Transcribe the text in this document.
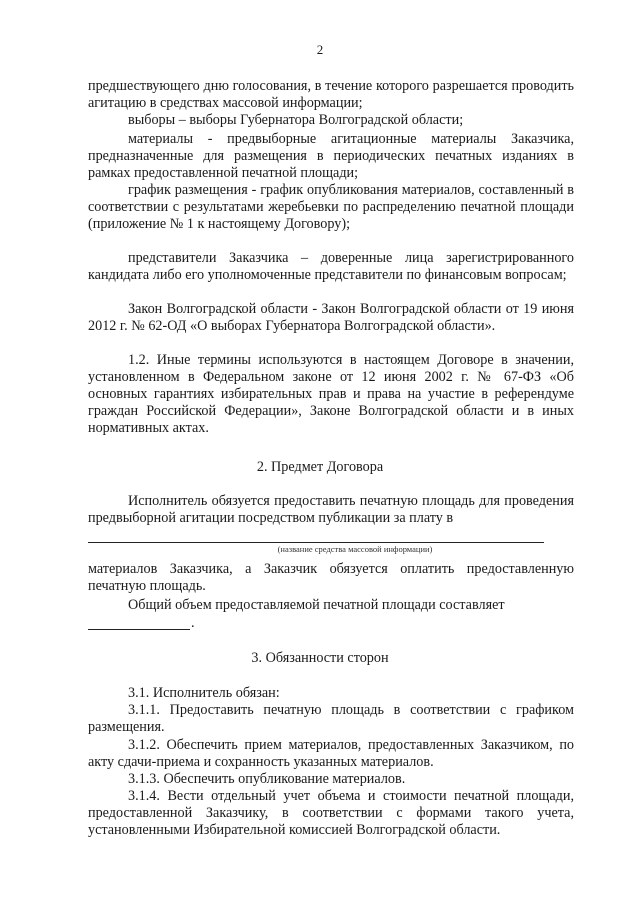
2

предшествующего дню голосования, в течение которого разрешается проводить агитацию в средствах массовой информации;

выборы – выборы Губернатора Волгоградской области;

материалы - предвыборные агитационные материалы Заказчика, предназначенные для размещения в периодических печатных изданиях в рамках предоставленной печатной площади;

график размещения - график опубликования материалов, составленный в соответствии с результатами жеребьевки по распределению печатной площади (приложение № 1 к настоящему Договору);

представители Заказчика – доверенные лица зарегистрированного кандидата либо его уполномоченные представители по финансовым вопросам;

Закон Волгоградской области - Закон Волгоградской области от 19 июня 2012 г. № 62-ОД «О выборах Губернатора Волгоградской области».

1.2. Иные термины используются в настоящем Договоре в значении, установленном в Федеральном законе от 12 июня 2002 г. № 67-ФЗ «Об основных гарантиях избирательных прав и права на участие в референдуме граждан Российской Федерации», Законе Волгоградской области и в иных нормативных актах.

2. Предмет Договора

Исполнитель обязуется предоставить печатную площадь для проведения предвыборной агитации посредством публикации за плату в

(название средства массовой информации)

материалов Заказчика, а Заказчик обязуется оплатить предоставленную печатную площадь.

Общий объем предоставляемой печатной площади составляет

.
3. Обязанности сторон

3.1. Исполнитель обязан:

3.1.1. Предоставить печатную площадь в соответствии с графиком размещения.

3.1.2. Обеспечить прием материалов, предоставленных Заказчиком, по акту сдачи-приема и сохранность указанных материалов.

3.1.3. Обеспечить опубликование материалов.

3.1.4. Вести отдельный учет объема и стоимости печатной площади, предоставленной Заказчику, в соответствии с формами такого учета, установленными Избирательной комиссией Волгоградской области.
